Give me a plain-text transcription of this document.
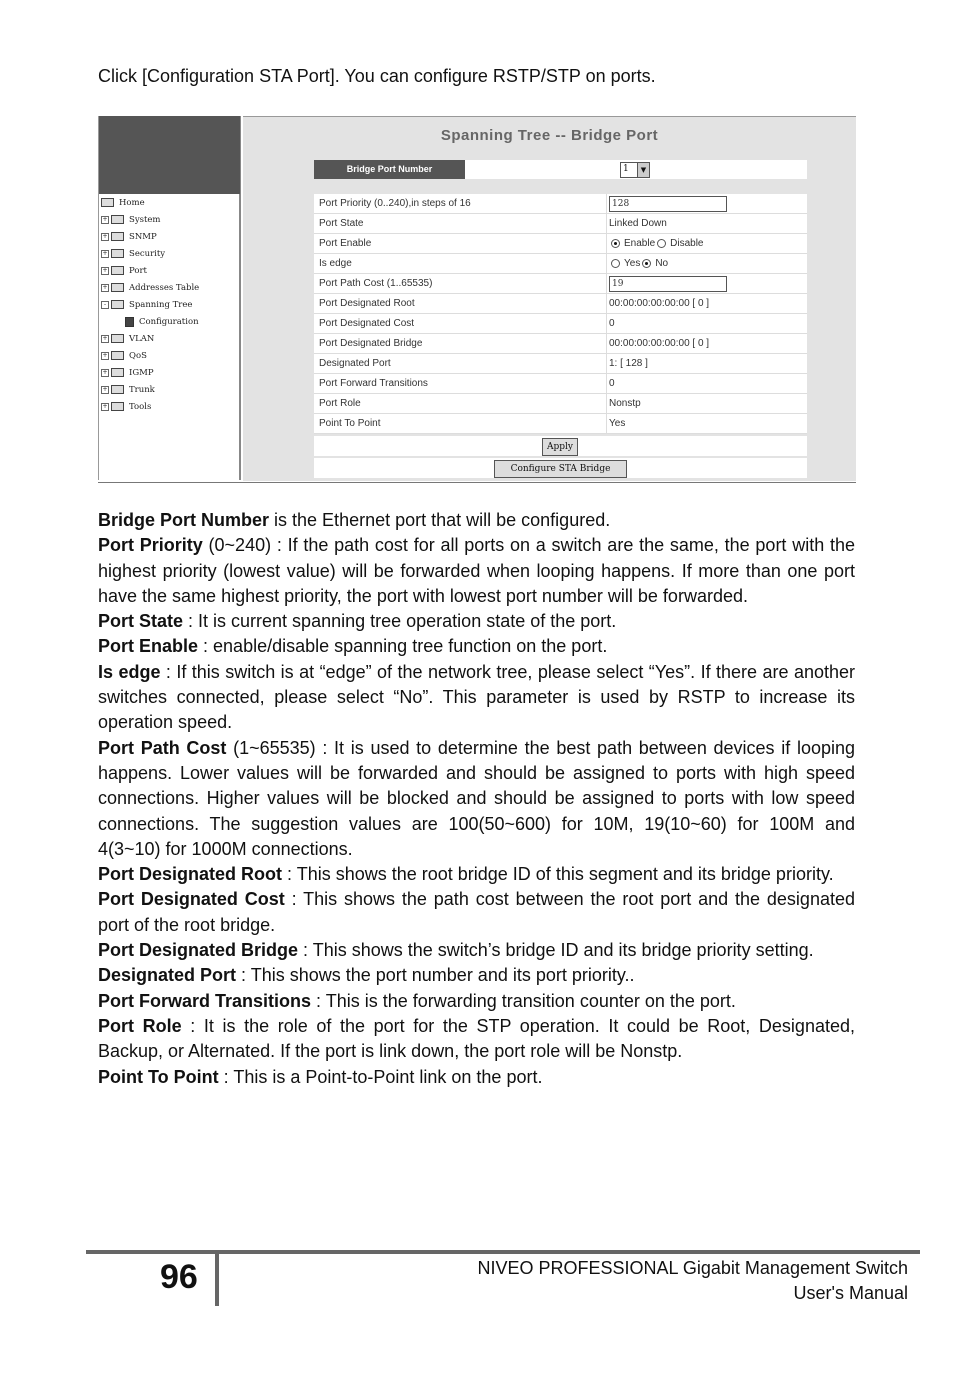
Click [Configuration STA Port]. You can configure RSTP/STP on ports.
Home
+	System
+	SNMP
+	Security
+	Port
+	Addresses Table
-	Spanning Tree
Configuration
+	VLAN
+	QoS
+	IGMP
+	Trunk
+	Tools
Spanning Tree -- Bridge Port
Bridge Port Number	1	▼
Port Priority (0..240),in steps of 16	128
Port State	Linked Down
Port Enable	Enable Disable
Is edge	Yes No
Port Path Cost (1..65535)	19
Port Designated Root	00:00:00:00:00:00 [ 0 ]
Port Designated Cost	0
Port Designated Bridge	00:00:00:00:00:00 [ 0 ]
Designated Port	1: [ 128 ]
Port Forward Transitions	0
Port Role	Nonstp
Point To Point	Yes
Apply
Configure STA Bridge

Bridge Port Number is the Ethernet port that will be configured.

Port Priority (0~240) : If the path cost for all ports on a switch are the same, the port with the highest priority (lowest value) will be forwarded when looping happens. If more than one port have the same highest priority, the port with lowest port number will be forwarded.

Port State : It is current spanning tree operation state of the port.

Port Enable : enable/disable spanning tree function on the port.

Is edge : If this switch is at “edge” of the network tree, please select “Yes”. If there are another switches connected, please select “No”. This parameter is used by RSTP to increase its operation speed.

Port Path Cost (1~65535) : It is used to determine the best path between devices if looping happens. Lower values will be forwarded and should be assigned to ports with high speed connections. Higher values will be blocked and should be assigned to ports with low speed connections. The suggestion values are 100(50~600) for 10M, 19(10~60) for 100M and 4(3~10) for 1000M connections.

Port Designated Root : This shows the root bridge ID of this segment and its bridge priority.

Port Designated Cost : This shows the path cost between the root port and the designated port of the root bridge.

Port Designated Bridge : This shows the switch’s bridge ID and its bridge priority setting.

Designated Port : This shows the port number and its port priority..

Port Forward Transitions : This is the forwarding transition counter on the port.

Port Role : It is the role of the port for the STP operation. It could be Root, Designated, Backup, or Alternated. If the port is link down, the port role will be Nonstp.

Point To Point : This is a Point-to-Point link on the port.

96	NIVEO PROFESSIONAL Gigabit Management Switch
User's Manual
